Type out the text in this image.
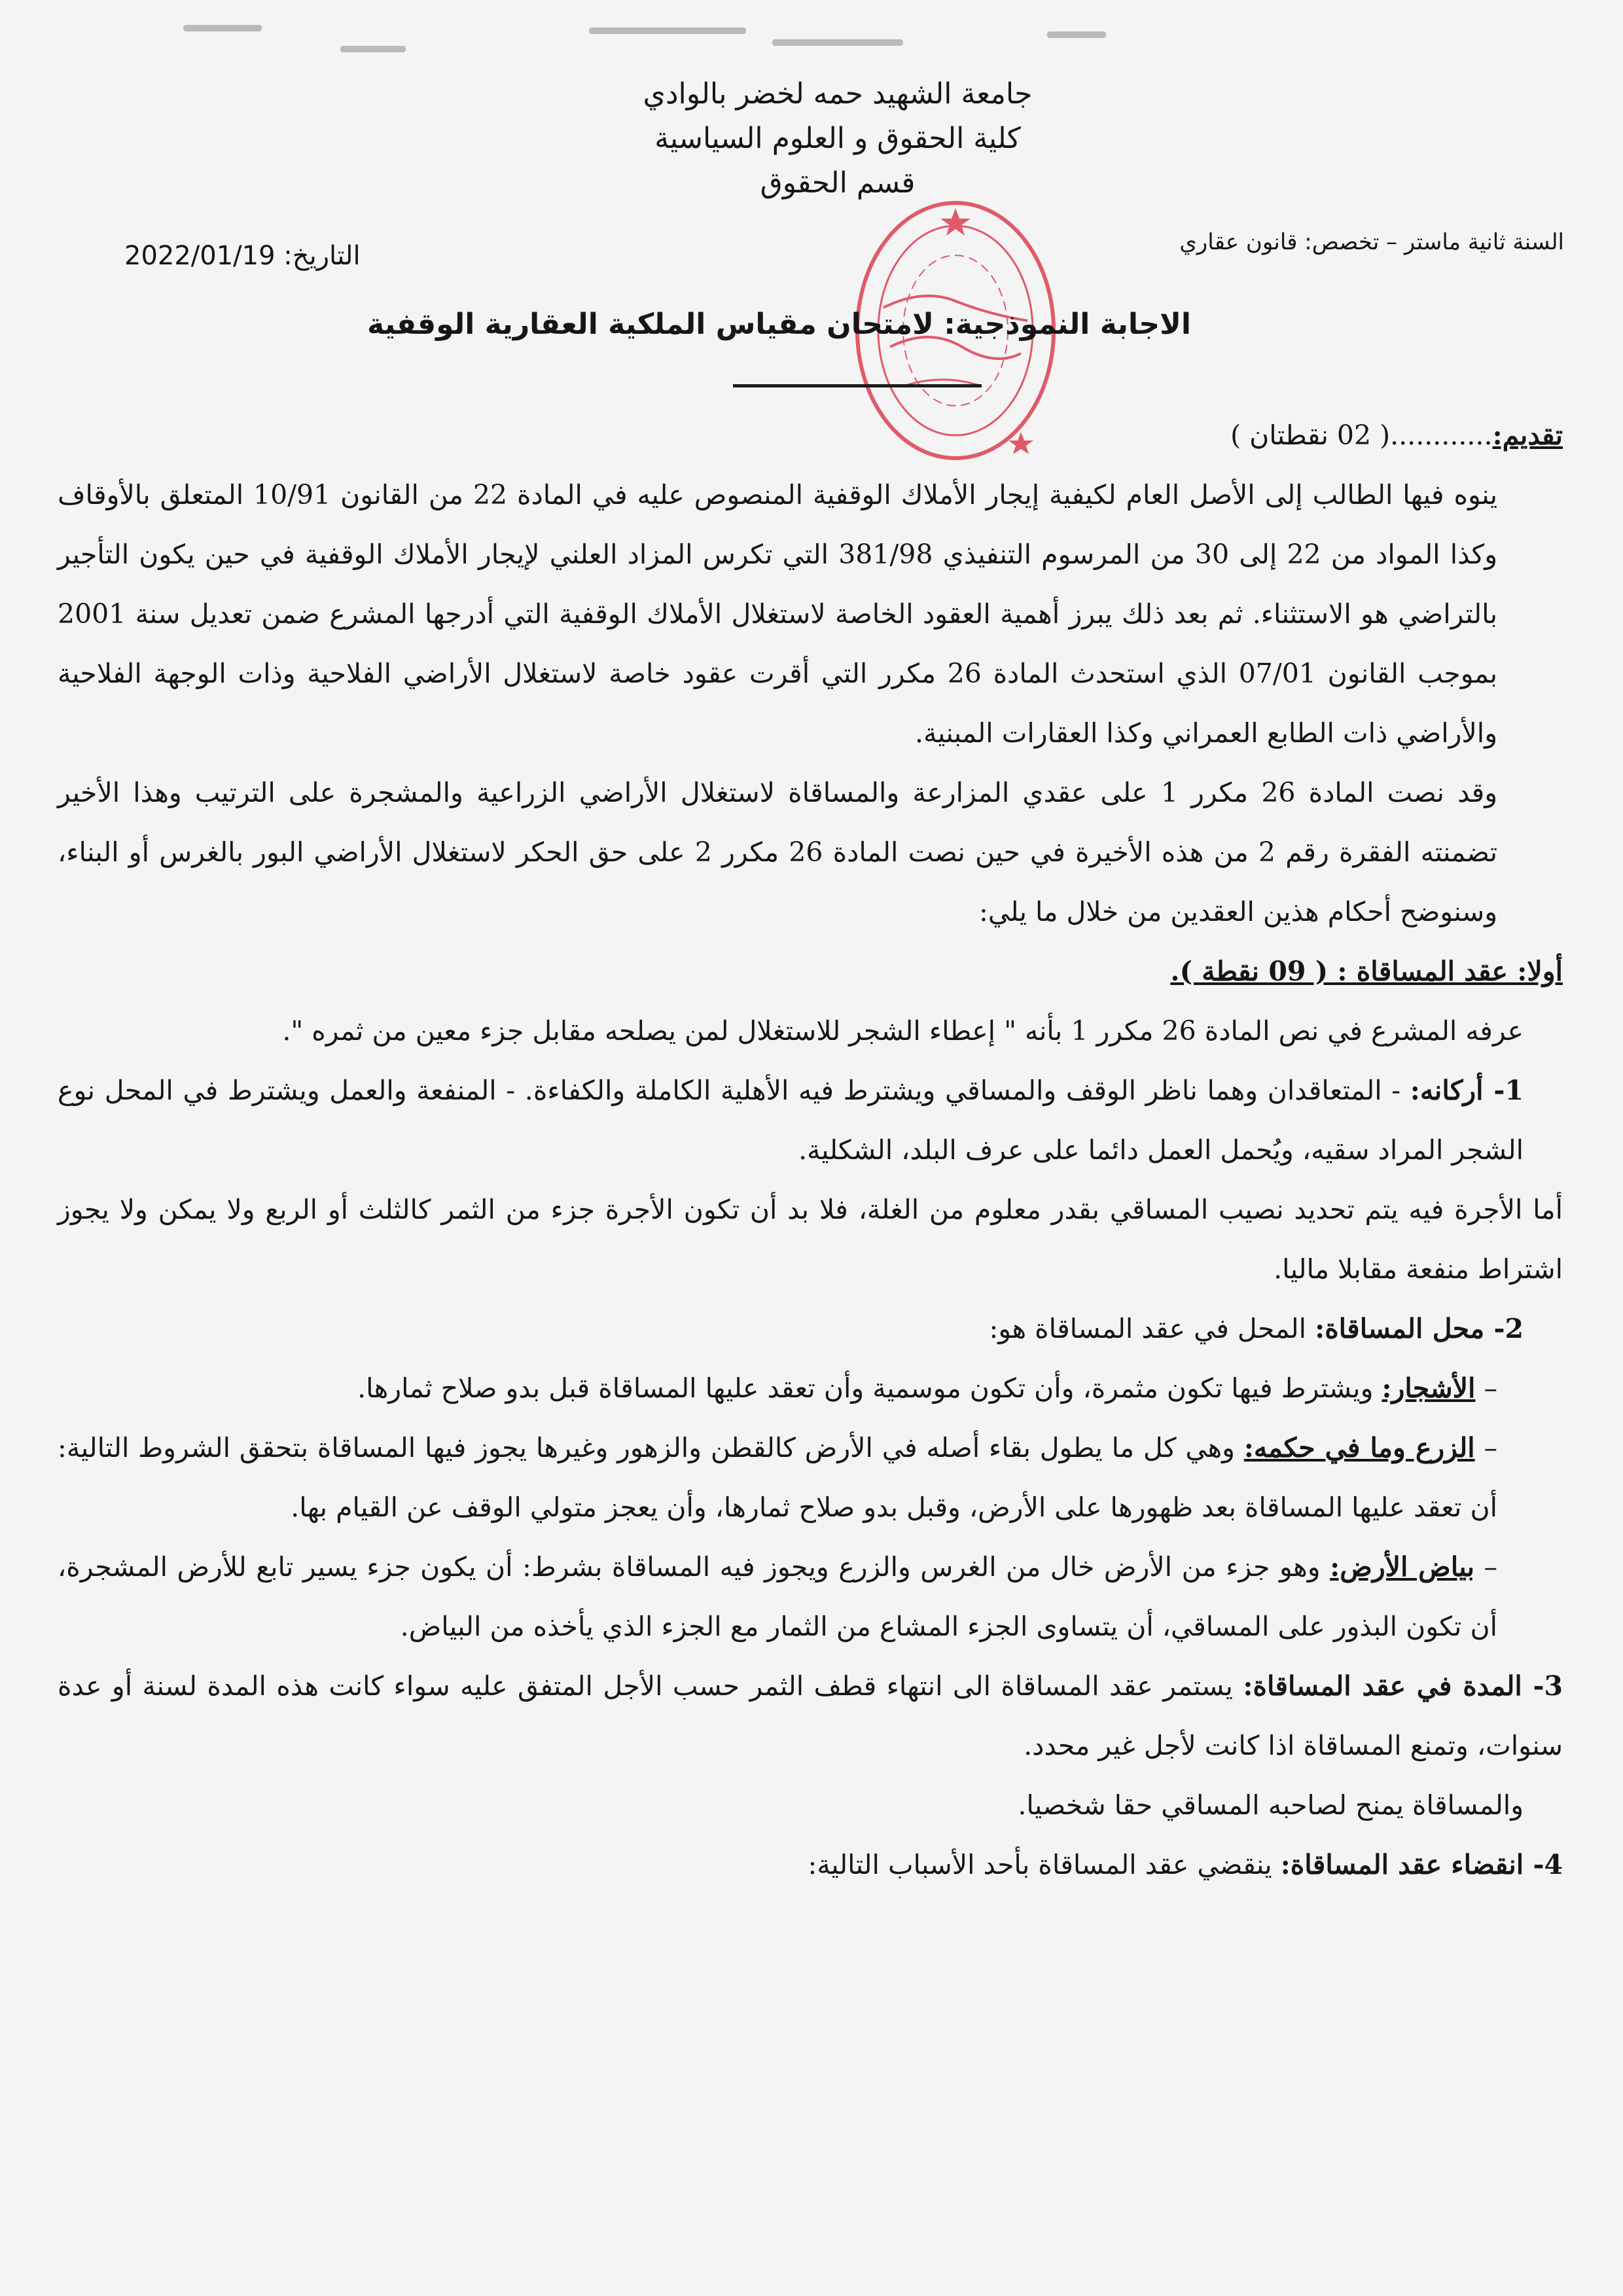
جامعة الشهيد حمه لخضر بالوادي
كلية الحقوق و العلوم السياسية
قسم الحقوق
السنة ثانية ماستر – تخصص: قانون عقاري
التاريخ: 2022/01/19
الاجابة النموذجية: لامتحان مقياس الملكية العقارية الوقفية

تقديم:............( 02 نقطتان )

ينوه فيها الطالب إلى الأصل العام لكيفية إيجار الأملاك الوقفية المنصوص عليه في المادة 22 من القانون 10/91 المتعلق بالأوقاف وكذا المواد من 22 إلى 30 من المرسوم التنفيذي 381/98 التي تكرس المزاد العلني لإيجار الأملاك الوقفية في حين يكون التأجير بالتراضي هو الاستثناء. ثم بعد ذلك يبرز أهمية العقود الخاصة لاستغلال الأملاك الوقفية التي أدرجها المشرع ضمن تعديل سنة 2001 بموجب القانون 07/01 الذي استحدث المادة 26 مكرر التي أقرت عقود خاصة لاستغلال الأراضي الفلاحية وذات الوجهة الفلاحية والأراضي ذات الطابع العمراني وكذا العقارات المبنية.

وقد نصت المادة 26 مكرر 1 على عقدي المزارعة والمساقاة لاستغلال الأراضي الزراعية والمشجرة على الترتيب وهذا الأخير تضمنته الفقرة رقم 2 من هذه الأخيرة في حين نصت المادة 26 مكرر 2 على حق الحكر لاستغلال الأراضي البور بالغرس أو البناء، وسنوضح أحكام هذين العقدين من خلال ما يلي:

أولا: عقد المساقاة : ( 09 نقطة ).

عرفه المشرع في نص المادة 26 مكرر 1 بأنه " إعطاء الشجر للاستغلال لمن يصلحه مقابل جزء معين من ثمره ".

1- أركانه: - المتعاقدان وهما ناظر الوقف والمساقي ويشترط فيه الأهلية الكاملة والكفاءة. - المنفعة والعمل ويشترط في المحل نوع الشجر المراد سقيه، ويُحمل العمل دائما على عرف البلد، الشكلية.

أما الأجرة فيه يتم تحديد نصيب المساقي بقدر معلوم من الغلة، فلا بد أن تكون الأجرة جزء من الثمر كالثلث أو الربع ولا يمكن ولا يجوز اشتراط منفعة مقابلا ماليا.

2- محل المساقاة: المحل في عقد المساقاة هو:

– الأشجار: ويشترط فيها تكون مثمرة، وأن تكون موسمية وأن تعقد عليها المساقاة قبل بدو صلاح ثمارها.

– الزرع وما في حكمه: وهي كل ما يطول بقاء أصله في الأرض كالقطن والزهور وغيرها يجوز فيها المساقاة بتحقق الشروط التالية: أن تعقد عليها المساقاة بعد ظهورها على الأرض، وقبل بدو صلاح ثمارها، وأن يعجز متولي الوقف عن القيام بها.

– بياض الأرض: وهو جزء من الأرض خال من الغرس والزرع ويجوز فيه المساقاة بشرط: أن يكون جزء يسير تابع للأرض المشجرة، أن تكون البذور على المساقي، أن يتساوى الجزء المشاع من الثمار مع الجزء الذي يأخذه من البياض.

3- المدة في عقد المساقاة: يستمر عقد المساقاة الى انتهاء قطف الثمر حسب الأجل المتفق عليه سواء كانت هذه المدة لسنة أو عدة سنوات، وتمنع المساقاة اذا كانت لأجل غير محدد.

والمساقاة يمنح لصاحبه المساقي حقا شخصيا.

4- انقضاء عقد المساقاة: ينقضي عقد المساقاة بأحد الأسباب التالية:
